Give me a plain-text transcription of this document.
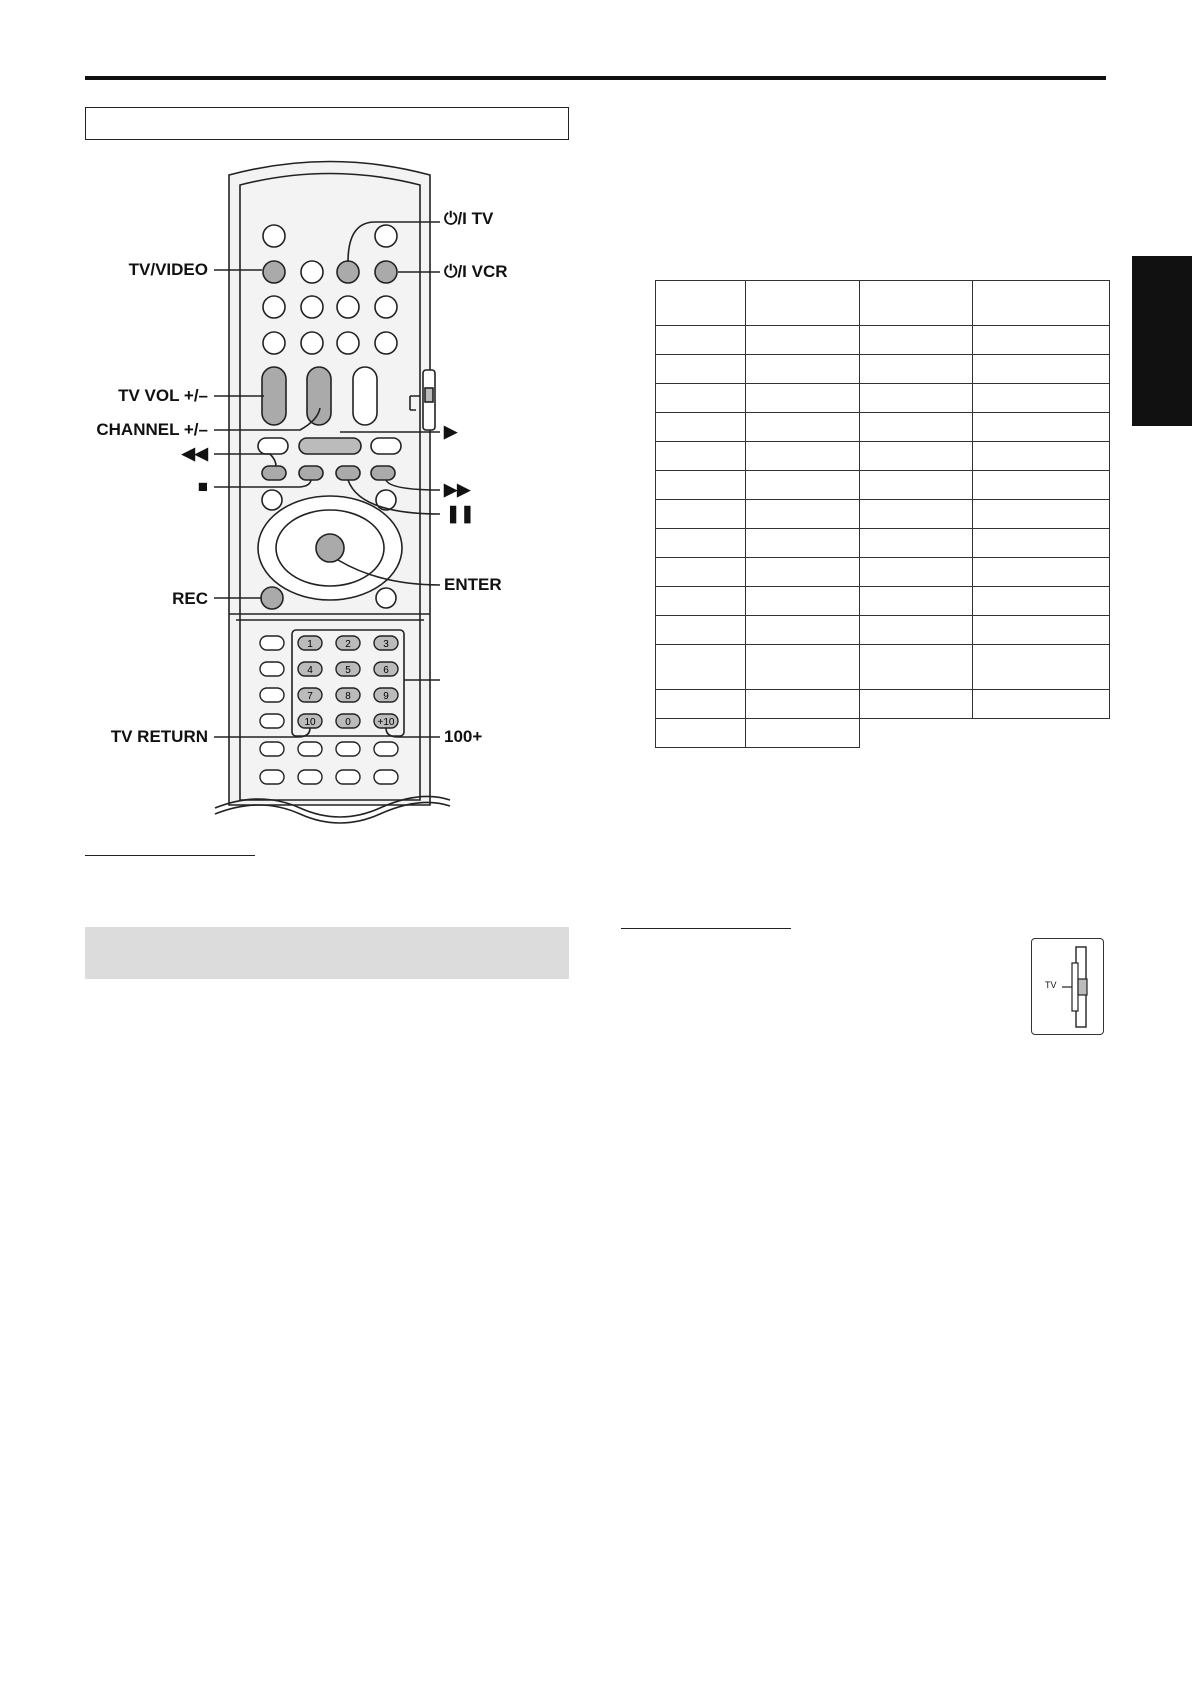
1	2	3
4	5	6
7	8	9
10	0	+10
⏻/I TV
TV/VIDEO	⏻/I VCR
TV VOL +/–
CHANNEL +/–	▶
◀◀
■	▶▶
❚❚
ENTER
REC
TV RETURN	100+

TV
